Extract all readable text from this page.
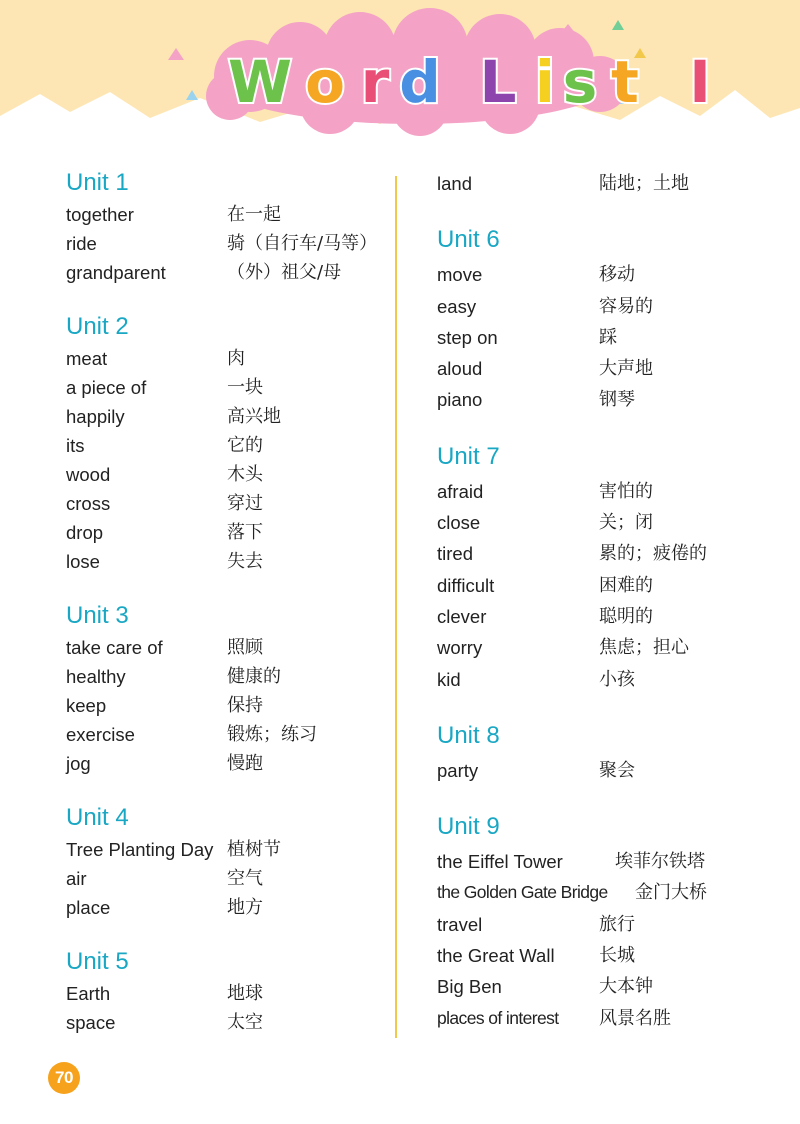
W o r d L i s t I
Unit 1
together	在一起
ride	骑（自行车/马等）
grandparent	（外）祖父/母
Unit 2
meat	肉
a piece of	一块
happily	高兴地
its	它的
wood	木头
cross	穿过
drop	落下
lose	失去
Unit 3
take care of	照顾
healthy	健康的
keep	保持
exercise	锻炼；练习
jog	慢跑
Unit 4
Tree Planting Day 植树节
air	空气
place	地方
Unit 5
Earth	地球
space	太空
land	陆地；土地
Unit 6
move	移动
easy	容易的
step on	踩
aloud	大声地
piano	钢琴
Unit 7
afraid	害怕的
close	关；闭
tired	累的；疲倦的
difficult	困难的
clever	聪明的
worry	焦虑；担心
kid	小孩
Unit 8
party	聚会
Unit 9
the Eiffel Tower	埃菲尔铁塔
the Golden Gate Bridge 金门大桥
travel	旅行
the Great Wall 长城
Big Ben	大本钟
places of interest 风景名胜
70
